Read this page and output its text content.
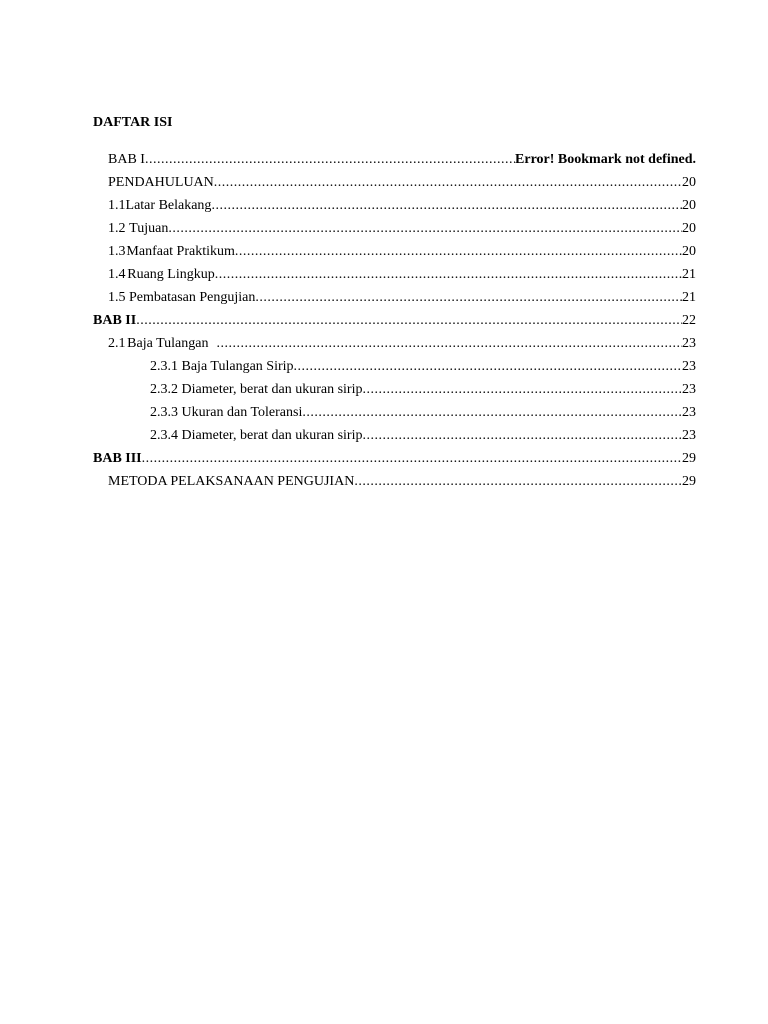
DAFTAR ISI
BAB I .....	Error! Bookmark not defined.
PENDAHULUAN .....	20
1.1 Latar Belakang .....	20
1.2 Tujuan .....	20
1.3 Manfaat Praktikum .....	20
1.4 Ruang Lingkup .....	21
1.5 Pembatasan Pengujian .....	21
BAB II .....	22
2.1 Baja Tulangan .....	23
2.3.1 Baja Tulangan Sirip .....	23
2.3.2 Diameter, berat dan ukuran sirip .....	23
2.3.3 Ukuran dan Toleransi .....	23
2.3.4 Diameter, berat dan ukuran sirip .....	23
BAB III .....	29
METODA PELAKSANAAN PENGUJIAN .....	29
